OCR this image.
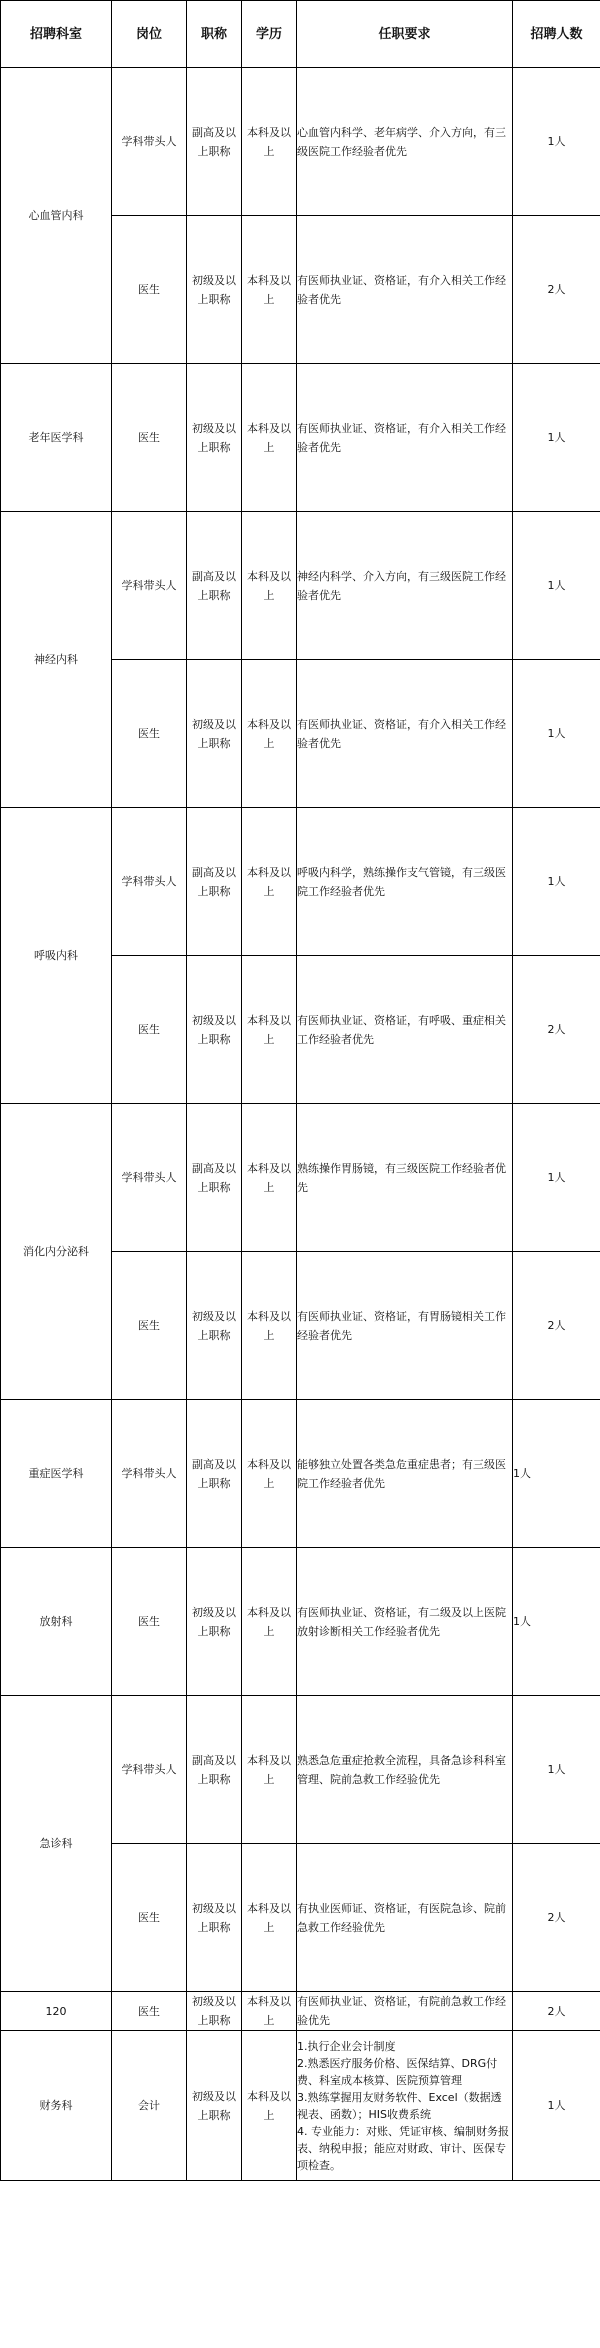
招聘科室	岗位	职称	学历	任职要求	招聘人数

心血管内科	学科带头人	副高及以上职称	本科及以上	心血管内科学、老年病学、介入方向，有三级医院工作经验者优先	1人

	医生	初级及以上职称	本科及以上	有医师执业证、资格证，有介入相关工作经验者优先	2人

老年医学科	医生	初级及以上职称	本科及以上	有医师执业证、资格证，有介入相关工作经验者优先	1人

神经内科	学科带头人	副高及以上职称	本科及以上	神经内科学、介入方向，有三级医院工作经验者优先	1人

	医生	初级及以上职称	本科及以上	有医师执业证、资格证，有介入相关工作经验者优先	1人

呼吸内科	学科带头人	副高及以上职称	本科及以上	呼吸内科学，熟练操作支气管镜，有三级医院工作经验者优先	1人

	医生	初级及以上职称	本科及以上	有医师执业证、资格证，有呼吸、重症相关工作经验者优先	2人

消化内分泌科	学科带头人	副高及以上职称	本科及以上	熟练操作胃肠镜，有三级医院工作经验者优先	1人

	医生	初级及以上职称	本科及以上	有医师执业证、资格证，有胃肠镜相关工作经验者优先	2人

重症医学科	学科带头人	副高及以上职称	本科及以上	能够独立处置各类急危重症患者；有三级医院工作经验者优先	1人

放射科	医生	初级及以上职称	本科及以上	有医师执业证、资格证，有二级及以上医院放射诊断相关工作经验者优先	1人

急诊科	学科带头人	副高及以上职称	本科及以上	熟悉急危重症抢救全流程，具备急诊科科室管理、院前急救工作经验优先	1人

	医生	初级及以上职称	本科及以上	有执业医师证、资格证，有医院急诊、院前急救工作经验优先	2人

120	医生	初级及以上职称	本科及以上	有医师执业证、资格证，有院前急救工作经验优先	2人

财务科	会计	初级及以上职称	本科及以上	1.执行企业会计制度
2.熟悉医疗服务价格、医保结算、DRG付费、科室成本核算、医院预算管理
3.熟练掌握用友财务软件、Excel（数据透视表、函数）；HIS收费系统
4. 专业能力：对账、凭证审核、编制财务报表、纳税申报；能应对财政、审计、医保专项检查。	1人
